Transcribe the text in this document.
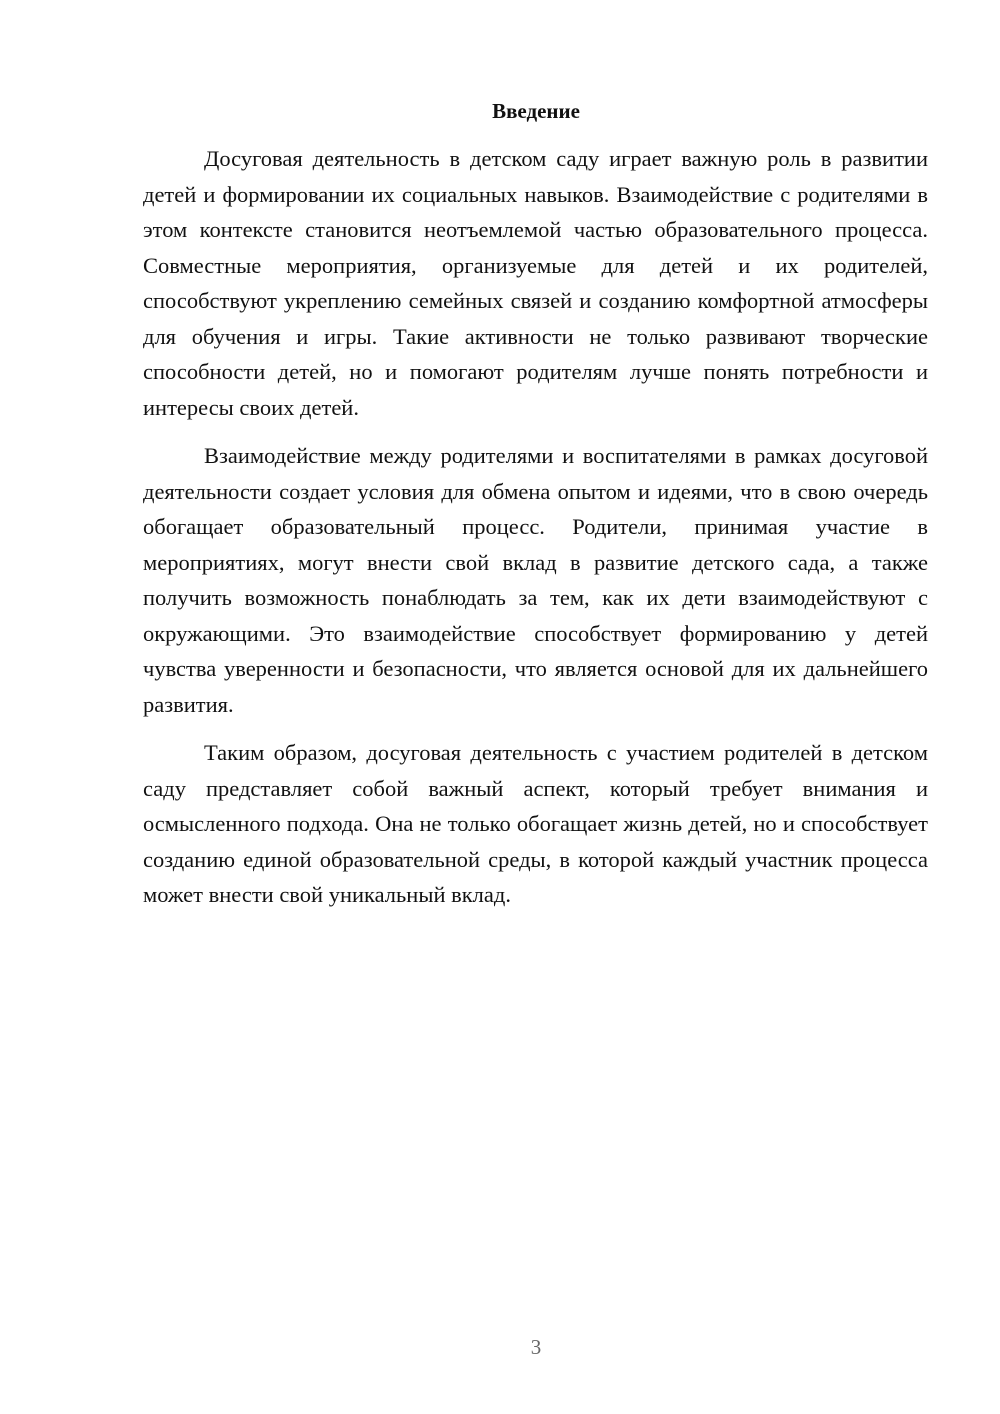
Введение

Досуговая деятельность в детском саду играет важную роль в развитии детей и формировании их социальных навыков. Взаимодействие с родителями в этом контексте становится неотъемлемой частью образовательного процесса. Совместные мероприятия, организуемые для детей и их родителей, способствуют укреплению семейных связей и созданию комфортной атмосферы для обучения и игры. Такие активности не только развивают творческие способности детей, но и помогают родителям лучше понять потребности и интересы своих детей.

Взаимодействие между родителями и воспитателями в рамках досуговой деятельности создает условия для обмена опытом и идеями, что в свою очередь обогащает образовательный процесс. Родители, принимая участие в мероприятиях, могут внести свой вклад в развитие детского сада, а также получить возможность понаблюдать за тем, как их дети взаимодействуют с окружающими. Это взаимодействие способствует формированию у детей чувства уверенности и безопасности, что является основой для их дальнейшего развития.

Таким образом, досуговая деятельность с участием родителей в детском саду представляет собой важный аспект, который требует внимания и осмысленного подхода. Она не только обогащает жизнь детей, но и способствует созданию единой образовательной среды, в которой каждый участник процесса может внести свой уникальный вклад.

3
